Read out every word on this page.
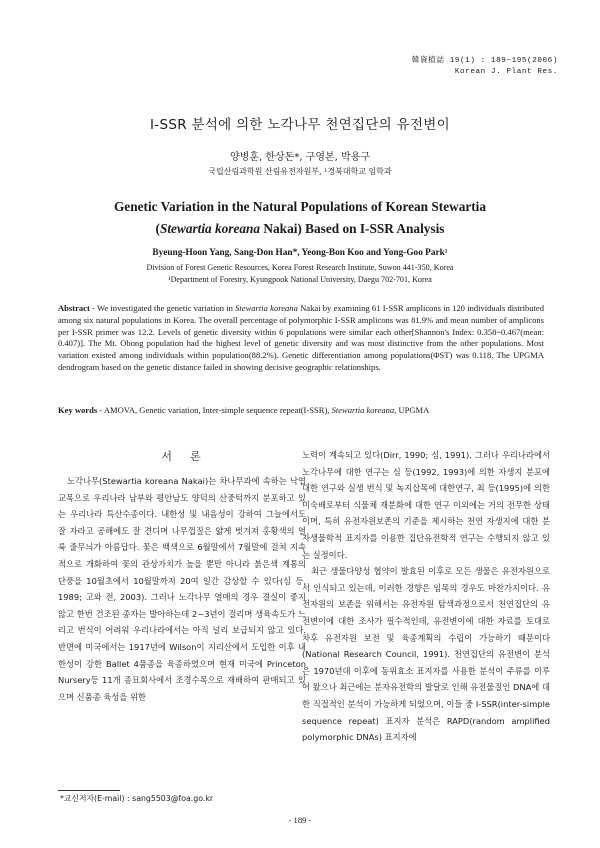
韓資植誌 19(1) : 189~195(2006)
Korean J. Plant Res.
I-SSR 분석에 의한 노각나무 천연집단의 유전변이
양병훈, 한상돈*, 구영본, 박용구
국립산림과학원 산림유전자원부, ¹경북대학교 임학과
Genetic Variation in the Natural Populations of Korean Stewartia
(Stewartia koreana Nakai) Based on I-SSR Analysis
Byeung-Hoon Yang, Sang-Don Han*, Yeong-Bon Koo and Yong-Goo Park¹
Division of Forest Genetic Resources, Korea Forest Research Institute, Suwon 441-350, Korea
¹Department of Forestry, Kyungpook National University, Daegu 702-701, Korea
Abstract - We investigated the genetic variation in Stewartia koreana Nakai by examining 61 I-SSR amplicons in 120 individuals distributed among six natural populations in Korea. The overall percentage of polymorphic I-SSR amplicons was 81.9% and mean number of amplicons per I-SSR primer was 12.2. Levels of genetic diversity within 6 populations were similar each other[Shannon's Index: 0.358~0.467(mean: 0.407)]. The Mt. Obong population had the highest level of genetic diversity and was most distinctive from the other populations. Most variation existed among individuals within population(88.2%). Genetic differentiation among populations(ΦST) was 0.118. The UPGMA dendrogram based on the genetic distance failed in showing decisive geographic relationships.
Key words - AMOVA, Genetic variation, Inter-simple sequence repeat(I-SSR), Stewartia koreana, UPGMA
서론

노각나무(Stewartia koreana Nakai)는 차나무과에 속하는 낙엽교목으로 우리나라 남부와 평안남도 양덕의 산중턱까지 분포하고 있는 우리나라 특산수종이다. 내한성 및 내음성이 강하여 그늘에서도 잘 자라고 공해에도 잘 견디며 나무껍질은 얇게 벗겨져 홍황색의 얼룩 줄무늬가 아름답다. 꽃은 백색으로 6월말에서 7월말에 걸쳐 지속적으로 개화하여 꽃의 관상가치가 높을 뿐만 아니라 붉은색 계통의 단풍을 10월초에서 10월말까지 20여 일간 감상할 수 있다(심 등, 1989; 고와 전, 2003). 그러나 노각나무 열매의 경우 결실이 좋지 않고 한번 건조된 종자는 발아하는데 2~3년이 걸리며 생육속도가 느리고 번식이 어려워 우리나라에서는 아직 널리 보급되지 않고 있다. 반면에 미국에서는 1917년에 Wilson이 지리산에서 도입한 이후 내한성이 강한 Ballet 4품종을 육종하였으며 현재 미국에 Princeton Nursery등 11개 종묘회사에서 조경수목으로 재배하여 판매되고 있으며 신품종 육성을 위한

노력이 계속되고 있다(Dirr, 1990; 심, 1991). 그러나 우리나라에서 노각나무에 대한 연구는 심 등(1992, 1993)에 의한 자생지 분포에 대한 연구와 실생 번식 및 녹지삽목에 대한연구, 최 등(1995)에 의한 미숙배로부터 식물체 재분화에 대한 연구 이외에는 거의 전무한 상태이며, 특히 유전자원보존의 기준을 제시하는 천연 자생지에 대한 분자생물학적 표지자를 이용한 집단유전학적 연구는 수행되지 않고 있는 실정이다.

최근 생물다양성 협약이 발효된 이후로 모든 생물은 유전자원으로서 인식되고 있는데, 이러한 경향은 임목의 경우도 마찬가지이다. 유전자원의 보존을 위해서는 유전자원 탐색과정으로서 천연집단의 유전변이에 대한 조사가 필수적인데, 유전변이에 대한 자료를 토대로 차후 유전자원 보전 및 육종계획의 수립이 가능하기 때문이다(National Research Council, 1991). 천연집단의 유전변이 분석은 1970년대 이후에 동위효소 표지자를 사용한 분석이 주류를 이루어 왔으나 최근에는 분자유전학의 발달로 인해 유전물질인 DNA에 대한 직접적인 분석이 가능하게 되었으며, 이들 중 I-SSR(inter-simple sequence repeat) 표지자 분석은 RAPD(random amplified polymorphic DNAs) 표지자에

*교신저자(E-mail) : sang5503@foa.go.kr
- 189 -
